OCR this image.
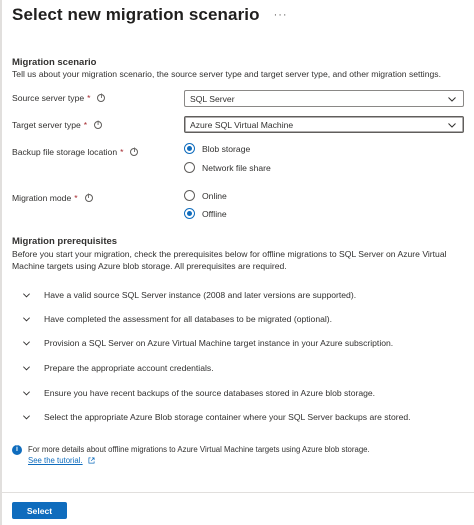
Select new migration scenario ···
Migration scenario
Tell us about your migration scenario, the source server type and target server type, and other migration settings.
Source server type * i	SQL Server
Target server type * i	Azure SQL Virtual Machine
Backup file storage location * i	Blob storage
Network file share
Migration mode * i	Online
Offline
Migration prerequisites
Before you start your migration, check the prerequisites below for offline migrations to SQL Server on Azure Virtual Machine targets using Azure blob storage. All prerequisites are required.
Have a valid source SQL Server instance (2008 and later versions are supported).
Have completed the assessment for all databases to be migrated (optional).
Provision a SQL Server on Azure Virtual Machine target instance in your Azure subscription.
Prepare the appropriate account credentials.
Ensure you have recent backups of the source databases stored in Azure blob storage.
Select the appropriate Azure Blob storage container where your SQL Server backups are stored.
i	For more details about offline migrations to Azure Virtual Machine targets using Azure blob storage.
See the tutorial.
Select
